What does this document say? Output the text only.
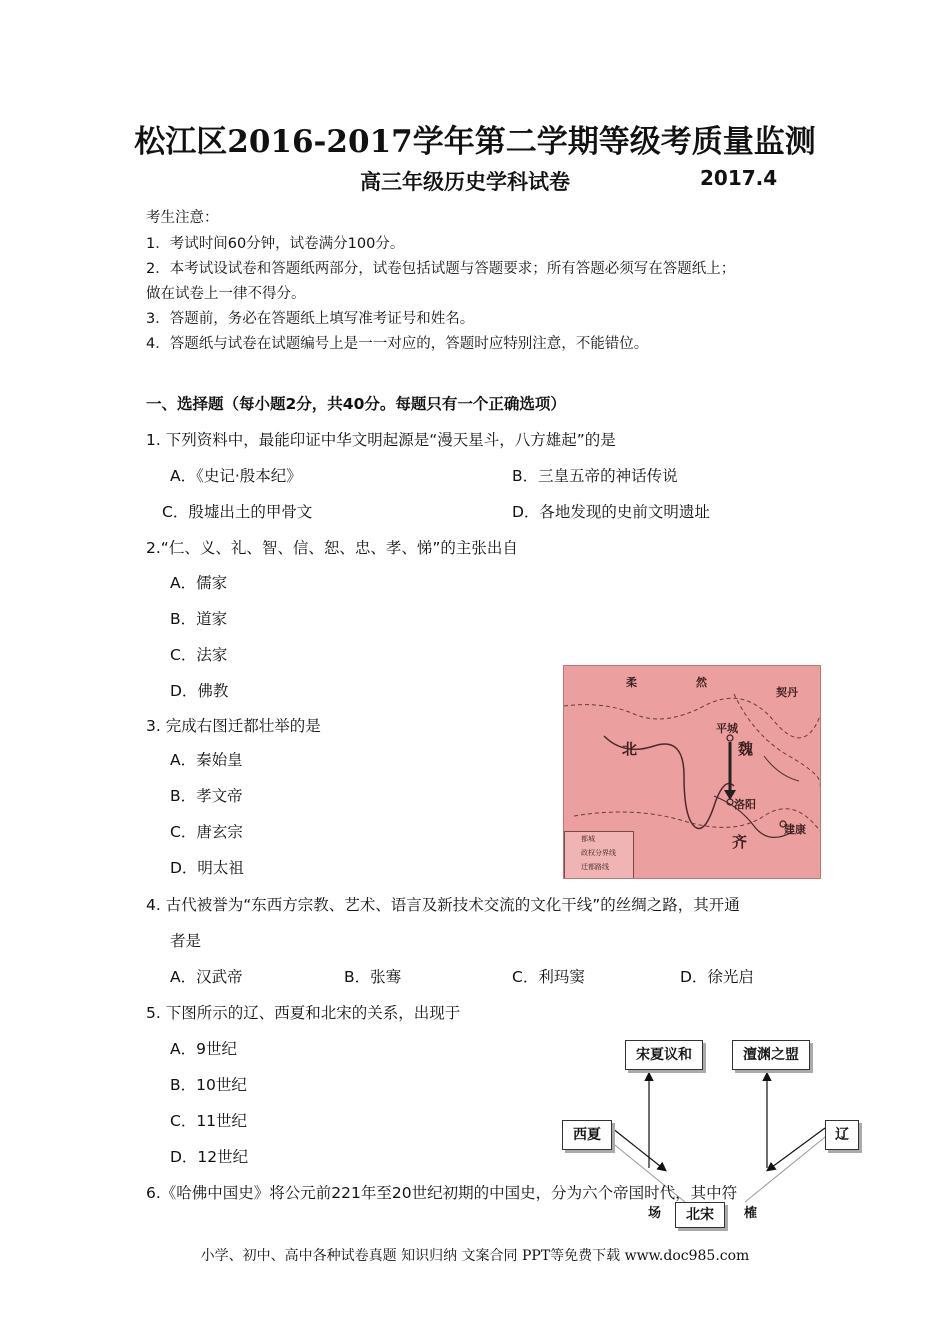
松江区2016-2017学年第二学期等级考质量监测
高三年级历史学科试卷	2017.4
考生注意：
1．考试时间60分钟，试卷满分100分。
2．本考试设试卷和答题纸两部分，试卷包括试题与答题要求；所有答题必须写在答题纸上；
做在试卷上一律不得分。
3．答题前，务必在答题纸上填写准考证号和姓名。
4．答题纸与试卷在试题编号上是一一对应的，答题时应特别注意，不能错位。
一、选择题（每小题2分，共40分。每题只有一个正确选项）
1. 下列资料中，最能印证中华文明起源是“漫天星斗，八方雄起”的是
A．《史记·殷本纪》	B．三皇五帝的神话传说
C．殷墟出土的甲骨文	D．各地发现的史前文明遗址
2.“仁、义、礼、智、信、恕、忠、孝、悌”的主张出自
A．儒家
B．道家
C．法家
D．佛教
3. 完成右图迁都壮举的是
A．秦始皇
B．孝文帝
C．唐玄宗
D．明太祖
柔	然
契丹
平城
北	魏
洛阳
齐
建康
都城
政权分界线
迁都路线
4. 古代被誉为“东西方宗教、艺术、语言及新技术交流的文化干线”的丝绸之路，其开通
者是
A．汉武帝	B．张骞	C．利玛窦	D．徐光启
5. 下图所示的辽、西夏和北宋的关系，出现于
A．9世纪
B．10世纪
C．11世纪
D．12世纪
宋夏议和	澶渊之盟
西夏	辽
北宋
场	榷
6.《哈佛中国史》将公元前221年至20世纪初期的中国史，分为六个帝国时代，其中符
小学、初中、高中各种试卷真题 知识归纳 文案合同 PPT等免费下载 www.doc985.com
